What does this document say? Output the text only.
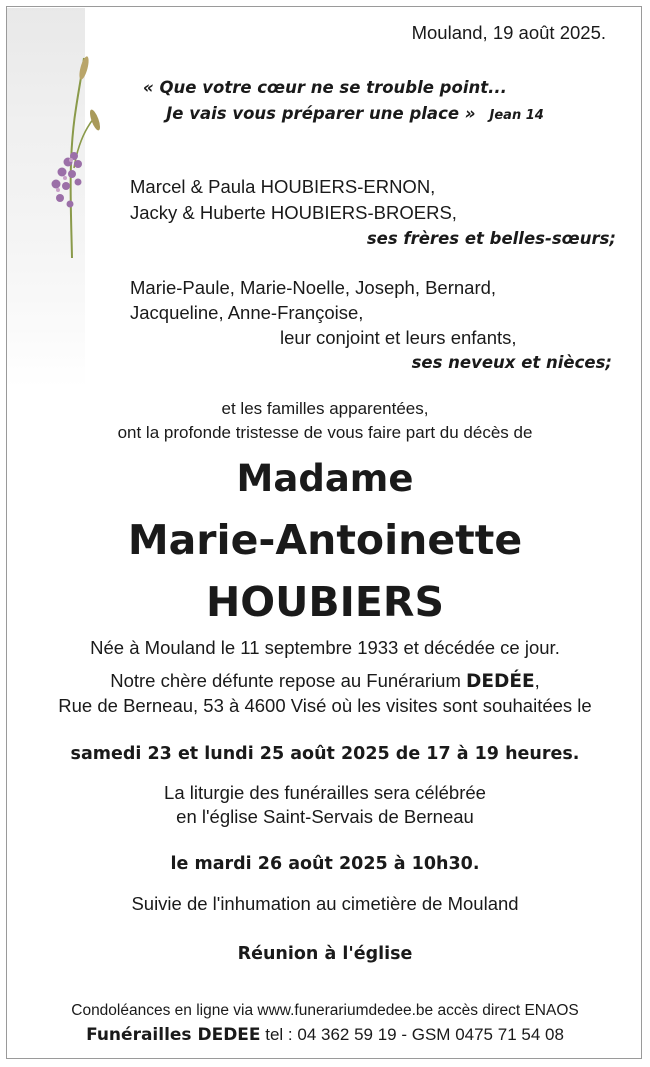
Mouland, 19 août 2025.
« Que votre cœur ne se trouble point...
Je vais vous préparer une place » Jean 14
Marcel & Paula HOUBIERS-ERNON,
Jacky & Huberte HOUBIERS-BROERS,
ses frères et belles-sœurs;
Marie-Paule, Marie-Noelle, Joseph, Bernard,
Jacqueline, Anne-Françoise,
leur conjoint et leurs enfants,
ses neveux et nièces;
et les familles apparentées,
ont la profonde tristesse de vous faire part du décès de
Madame
Marie-Antoinette
HOUBIERS
Née à Mouland le 11 septembre 1933 et décédée ce jour.
Notre chère défunte repose au Funérarium DEDÉE,
Rue de Berneau, 53 à 4600 Visé où les visites sont souhaitées le
samedi 23 et lundi 25 août 2025 de 17 à 19 heures.
La liturgie des funérailles sera célébrée
en l'église Saint-Servais de Berneau
le mardi 26 août 2025 à 10h30.
Suivie de l'inhumation au cimetière de Mouland
Réunion à l'église
Condoléances en ligne via www.funerariumdedee.be accès direct ENAOS
Funérailles DEDEE tel : 04 362 59 19 - GSM 0475 71 54 08
